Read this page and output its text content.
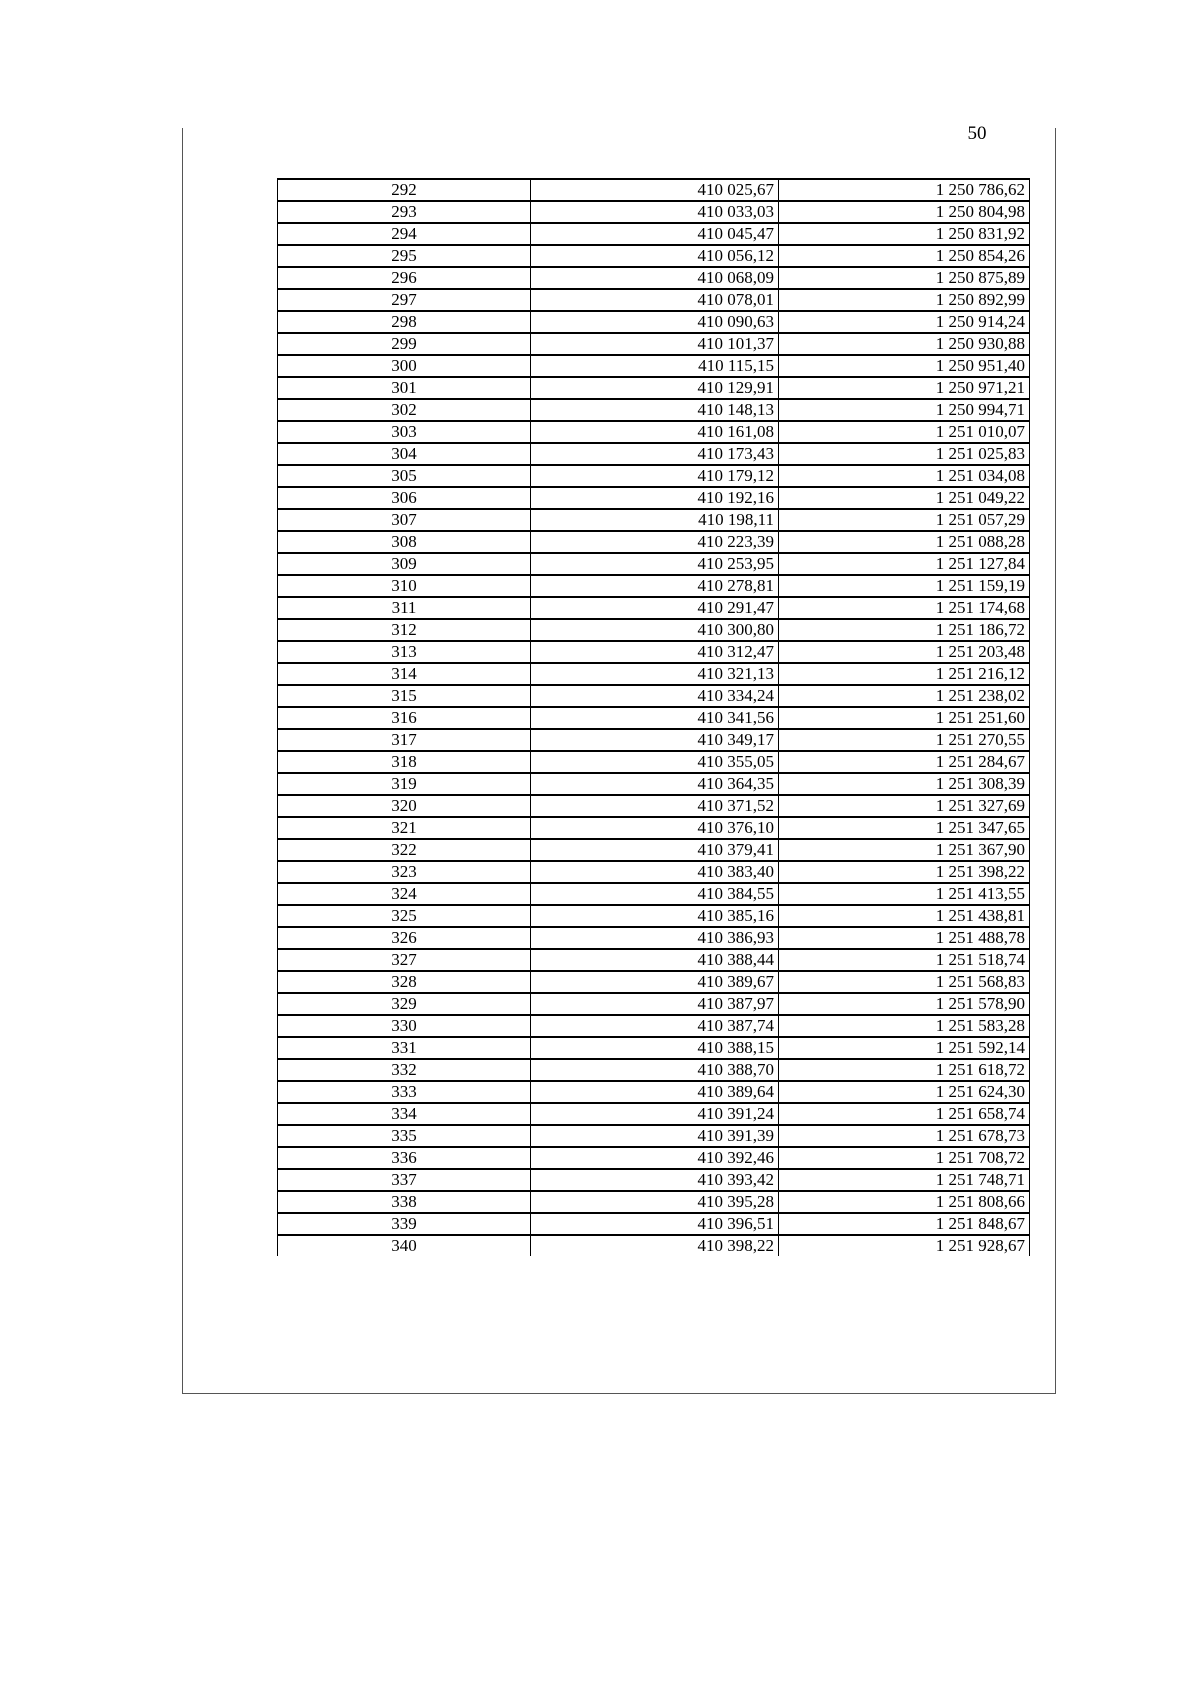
50
292	410 025,67	1 250 786,62
293	410 033,03	1 250 804,98
294	410 045,47	1 250 831,92
295	410 056,12	1 250 854,26
296	410 068,09	1 250 875,89
297	410 078,01	1 250 892,99
298	410 090,63	1 250 914,24
299	410 101,37	1 250 930,88
300	410 115,15	1 250 951,40
301	410 129,91	1 250 971,21
302	410 148,13	1 250 994,71
303	410 161,08	1 251 010,07
304	410 173,43	1 251 025,83
305	410 179,12	1 251 034,08
306	410 192,16	1 251 049,22
307	410 198,11	1 251 057,29
308	410 223,39	1 251 088,28
309	410 253,95	1 251 127,84
310	410 278,81	1 251 159,19
311	410 291,47	1 251 174,68
312	410 300,80	1 251 186,72
313	410 312,47	1 251 203,48
314	410 321,13	1 251 216,12
315	410 334,24	1 251 238,02
316	410 341,56	1 251 251,60
317	410 349,17	1 251 270,55
318	410 355,05	1 251 284,67
319	410 364,35	1 251 308,39
320	410 371,52	1 251 327,69
321	410 376,10	1 251 347,65
322	410 379,41	1 251 367,90
323	410 383,40	1 251 398,22
324	410 384,55	1 251 413,55
325	410 385,16	1 251 438,81
326	410 386,93	1 251 488,78
327	410 388,44	1 251 518,74
328	410 389,67	1 251 568,83
329	410 387,97	1 251 578,90
330	410 387,74	1 251 583,28
331	410 388,15	1 251 592,14
332	410 388,70	1 251 618,72
333	410 389,64	1 251 624,30
334	410 391,24	1 251 658,74
335	410 391,39	1 251 678,73
336	410 392,46	1 251 708,72
337	410 393,42	1 251 748,71
338	410 395,28	1 251 808,66
339	410 396,51	1 251 848,67
340	410 398,22	1 251 928,67
